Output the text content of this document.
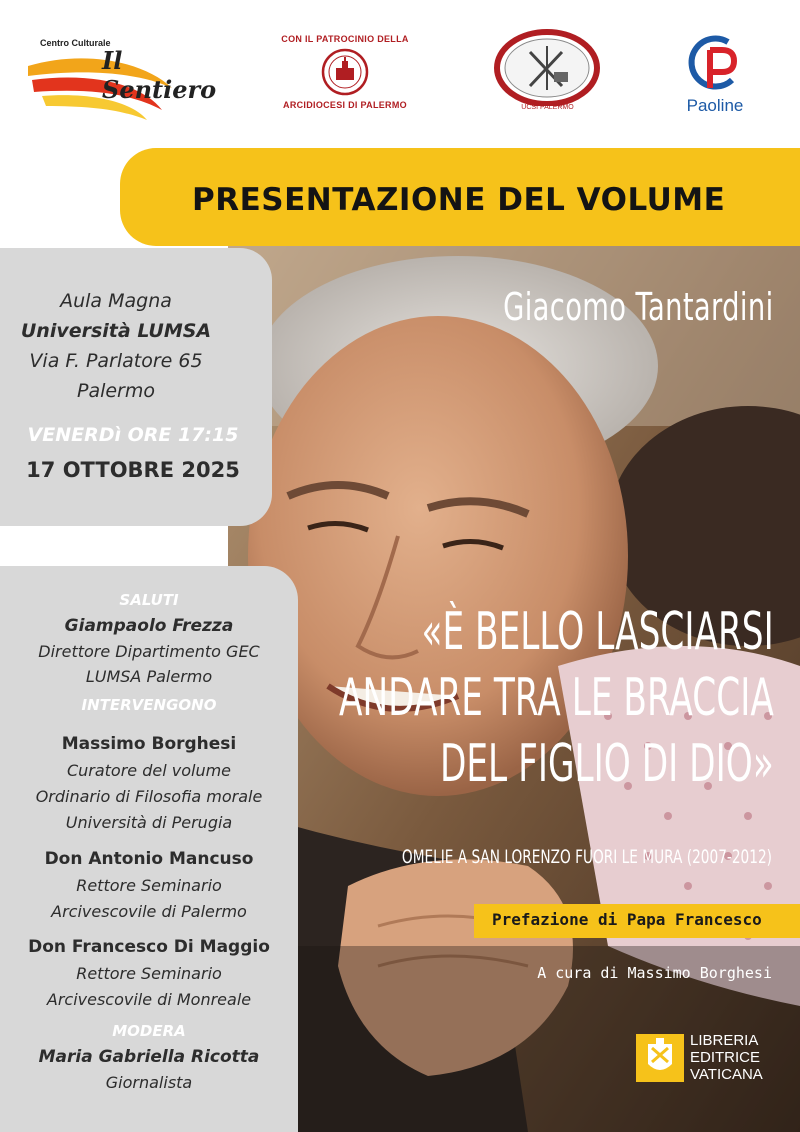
Centro Culturale
Il Sentiero
CON IL PATROCINIO DELLA
ARCIDIOCESI DI PALERMO	UCSI PALERMO	Paoline
PRESENTAZIONE DEL VOLUME
Aula Magna
Università LUMSA
Via F. Parlatore 65
Palermo
VENERDì ORE 17:15
17 OTTOBRE 2025
SALUTI
Giampaolo Frezza
Direttore Dipartimento GEC
LUMSA Palermo
INTERVENGONO
Massimo Borghesi
Curatore del volume
Ordinario di Filosofia morale
Università di Perugia
Don Antonio Mancuso
Rettore Seminario
Arcivescovile di Palermo
Don Francesco Di Maggio
Rettore Seminario
Arcivescovile di Monreale
MODERA
Maria Gabriella Ricotta
Giornalista
Giacomo Tantardini
«È BELLO LASCIARSI
ANDARE TRA LE BRACCIA
DEL FIGLIO DI DIO»
OMELIE A SAN LORENZO FUORI LE MURA (2007-2012)
Prefazione di Papa Francesco
A cura di Massimo Borghesi
LIBRERIA
EDITRICE
VATICANA
